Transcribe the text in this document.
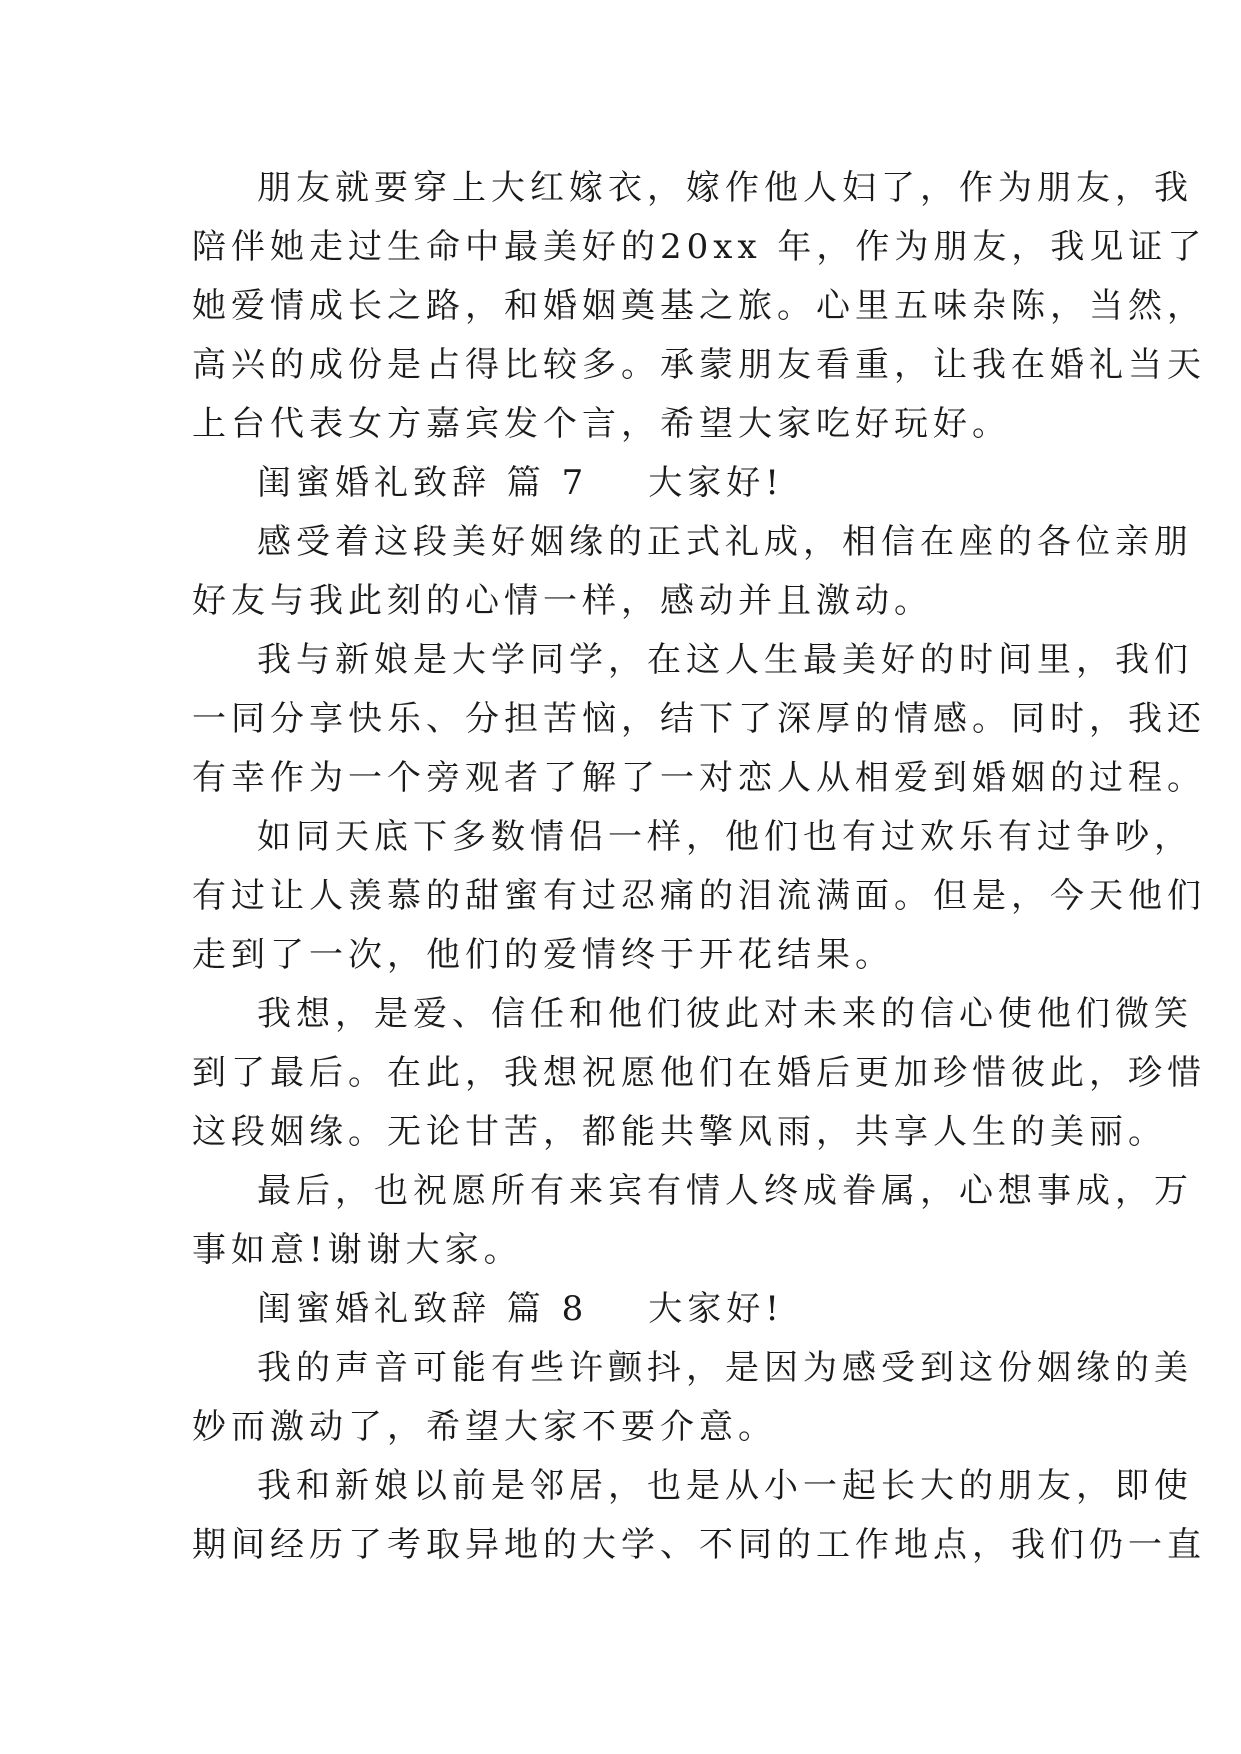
朋友就要穿上大红嫁衣，嫁作他人妇了，作为朋友，我
陪伴她走过生命中最美好的20xx 年，作为朋友，我见证了
她爱情成长之路，和婚姻奠基之旅。心里五味杂陈，当然，
高兴的成份是占得比较多。承蒙朋友看重，让我在婚礼当天
上台代表女方嘉宾发个言，希望大家吃好玩好。
闺蜜婚礼致辞 篇 7 大家好!
感受着这段美好姻缘的正式礼成，相信在座的各位亲朋
好友与我此刻的心情一样，感动并且激动。
我与新娘是大学同学，在这人生最美好的时间里，我们
一同分享快乐、分担苦恼，结下了深厚的情感。同时，我还
有幸作为一个旁观者了解了一对恋人从相爱到婚姻的过程。
如同天底下多数情侣一样，他们也有过欢乐有过争吵，
有过让人羡慕的甜蜜有过忍痛的泪流满面。但是，今天他们
走到了一次，他们的爱情终于开花结果。
我想，是爱、信任和他们彼此对未来的信心使他们微笑
到了最后。在此，我想祝愿他们在婚后更加珍惜彼此，珍惜
这段姻缘。无论甘苦，都能共擎风雨，共享人生的美丽。
最后，也祝愿所有来宾有情人终成眷属，心想事成，万
事如意!谢谢大家。
闺蜜婚礼致辞 篇 8 大家好!
我的声音可能有些许颤抖，是因为感受到这份姻缘的美
妙而激动了，希望大家不要介意。
我和新娘以前是邻居，也是从小一起长大的朋友，即使
期间经历了考取异地的大学、不同的工作地点，我们仍一直
